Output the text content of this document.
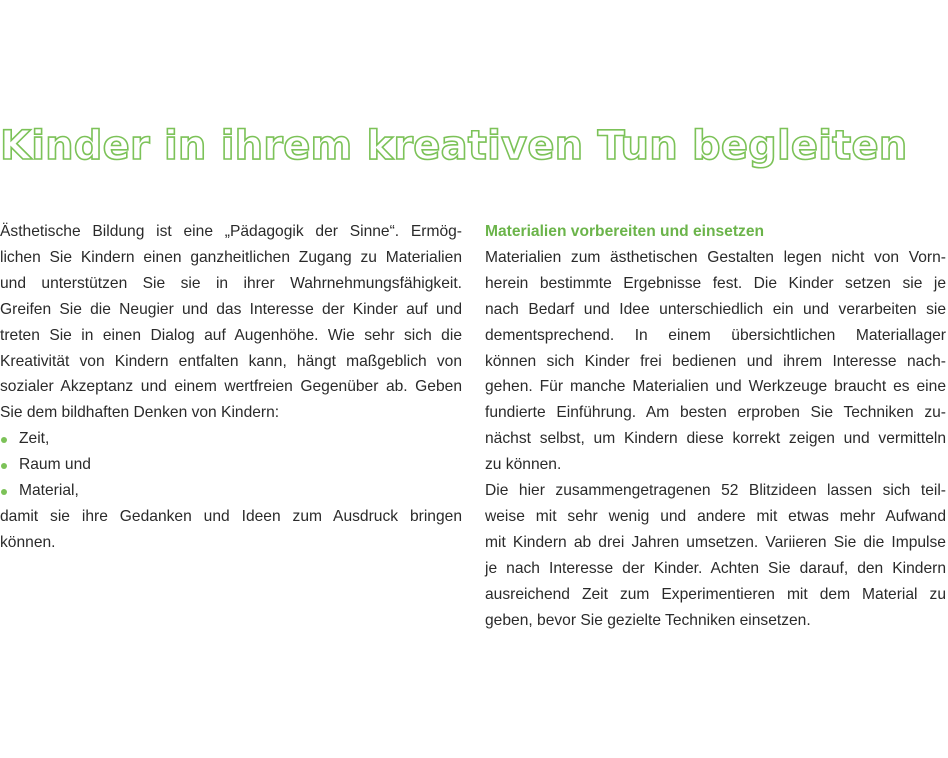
Kinder in ihrem kreativen Tun begleiten

Ästhetische Bildung ist eine „Pädagogik der Sinne“. Ermög-
lichen Sie Kindern einen ganzheitlichen Zugang zu Materialien
und unterstützen Sie sie in ihrer Wahrnehmungsfähigkeit.
Greifen Sie die Neugier und das Interesse der Kinder auf und
treten Sie in einen Dialog auf Augenhöhe. Wie sehr sich die
Kreativität von Kindern entfalten kann, hängt maßgeblich von
sozialer Akzeptanz und einem wertfreien Gegenüber ab. Geben
Sie dem bildhaften Denken von Kindern:

Zeit,
Raum und
Material,

damit sie ihre Gedanken und Ideen zum Ausdruck bringen
können.

Materialien vorbereiten und einsetzen

Materialien zum ästhetischen Gestalten legen nicht von Vorn-
herein bestimmte Ergebnisse fest. Die Kinder setzen sie je
nach Bedarf und Idee unterschiedlich ein und verarbeiten sie
dementsprechend. In einem übersichtlichen Materiallager
können sich Kinder frei bedienen und ihrem Interesse nach-
gehen. Für manche Materialien und Werkzeuge braucht es eine
fundierte Einführung. Am besten erproben Sie Techniken zu-
nächst selbst, um Kindern diese korrekt zeigen und vermitteln
zu können.

Die hier zusammengetragenen 52 Blitzideen lassen sich teil-
weise mit sehr wenig und andere mit etwas mehr Aufwand
mit Kindern ab drei Jahren umsetzen. Variieren Sie die Impulse
je nach Interesse der Kinder. Achten Sie darauf, den Kindern
ausreichend Zeit zum Experimentieren mit dem Material zu
geben, bevor Sie gezielte Techniken einsetzen.
